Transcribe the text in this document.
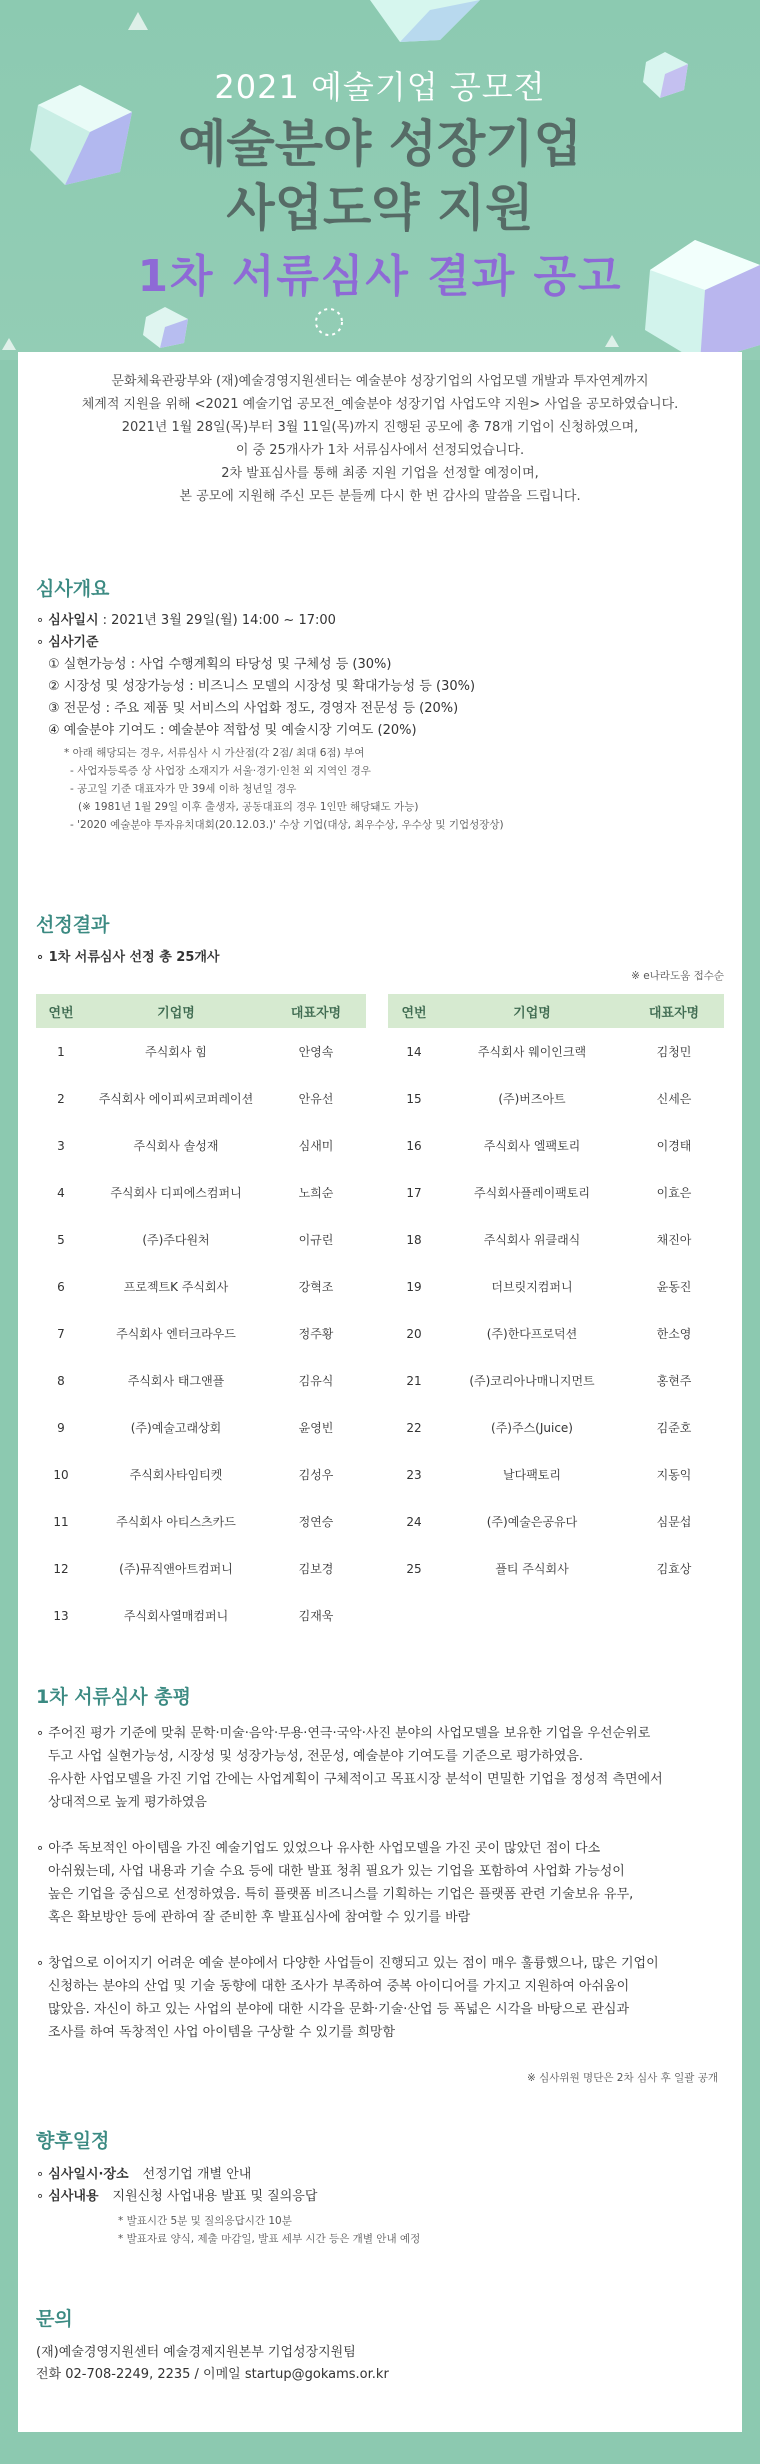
2021 예술기업 공모전
예술분야 성장기업
사업도약 지원
1차 서류심사 결과 공고
문화체육관광부와 (재)예술경영지원센터는 예술분야 성장기업의 사업모델 개발과 투자연계까지
체계적 지원을 위해 <2021 예술기업 공모전_예술분야 성장기업 사업도약 지원> 사업을 공모하였습니다.
2021년 1월 28일(목)부터 3월 11일(목)까지 진행된 공모에 총 78개 기업이 신청하였으며,
이 중 25개사가 1차 서류심사에서 선정되었습니다.
2차 발표심사를 통해 최종 지원 기업을 선정할 예정이며,
본 공모에 지원해 주신 모든 분들께 다시 한 번 감사의 말씀을 드립니다.
심사개요
∘ 심사일시 : 2021년 3월 29일(월) 14:00 ~ 17:00
∘ 심사기준
① 실현가능성 : 사업 수행계획의 타당성 및 구체성 등 (30%)
② 시장성 및 성장가능성 : 비즈니스 모델의 시장성 및 확대가능성 등 (30%)
③ 전문성 : 주요 제품 및 서비스의 사업화 정도, 경영자 전문성 등 (20%)
④ 예술분야 기여도 : 예술분야 적합성 및 예술시장 기여도 (20%)
* 아래 해당되는 경우, 서류심사 시 가산점(각 2점/ 최대 6점) 부여
- 사업자등록증 상 사업장 소재지가 서울·경기·인천 외 지역인 경우
- 공고일 기준 대표자가 만 39세 이하 청년일 경우
(※ 1981년 1월 29일 이후 출생자, 공동대표의 경우 1인만 해당돼도 가능)
- '2020 예술분야 투자유치대회(20.12.03.)' 수상 기업(대상, 최우수상, 우수상 및 기업성장상)
선정결과
∘ 1차 서류심사 선정 총 25개사
※ e나라도움 접수순
연번	기업명	대표자명
1	주식회사 힘	안영속
2	주식회사 에이피씨코퍼레이션	안유선
3	주식회사 솔성재	심새미
4	주식회사 디피에스컴퍼니	노희순
5	(주)주다원처	이규린
6	프로젝트K 주식회사	강혁조
7	주식회사 엔터크라우드	정주황
8	주식회사 태그앤플	김유식
9	(주)예술고래상회	윤영빈
10	주식회사타임티켓	김성우
11	주식회사 아티스츠카드	정연승
12	(주)뮤직앤아트컴퍼니	김보경
13	주식회사열매컴퍼니	김재욱
연번	기업명	대표자명
14	주식회사 웨이인크랙	김청민
15	(주)버즈아트	신세은
16	주식회사 엘팩토리	이경태
17	주식회사플레이팩토리	이효은
18	주식회사 위클래식	채진아
19	더브릿지컴퍼니	윤동진
20	(주)한다프로덕션	한소영
21	(주)코리아나매니지먼트	홍현주
22	(주)주스(Juice)	김준호
23	날다팩토리	지동익
24	(주)예술은공유다	심문섭
25	플티 주식회사	김효상
1차 서류심사 총평
∘ 주어진 평가 기준에 맞춰 문학·미술·음악·무용·연극·국악·사진 분야의 사업모델을 보유한 기업을 우선순위로
두고 사업 실현가능성, 시장성 및 성장가능성, 전문성, 예술분야 기여도를 기준으로 평가하였음.
유사한 사업모델을 가진 기업 간에는 사업계획이 구체적이고 목표시장 분석이 면밀한 기업을 정성적 측면에서
상대적으로 높게 평가하였음
∘ 아주 독보적인 아이템을 가진 예술기업도 있었으나 유사한 사업모델을 가진 곳이 많았던 점이 다소
아쉬웠는데, 사업 내용과 기술 수요 등에 대한 발표 청취 필요가 있는 기업을 포함하여 사업화 가능성이
높은 기업을 중심으로 선정하였음. 특히 플랫폼 비즈니스를 기획하는 기업은 플랫폼 관련 기술보유 유무,
혹은 확보방안 등에 관하여 잘 준비한 후 발표심사에 참여할 수 있기를 바람
∘ 창업으로 이어지기 어려운 예술 분야에서 다양한 사업들이 진행되고 있는 점이 매우 훌륭했으나, 많은 기업이
신청하는 분야의 산업 및 기술 동향에 대한 조사가 부족하여 중복 아이디어를 가지고 지원하여 아쉬움이
많았음. 자신이 하고 있는 사업의 분야에 대한 시각을 문화·기술·산업 등 폭넓은 시각을 바탕으로 관심과
조사를 하여 독창적인 사업 아이템을 구상할 수 있기를 희망함
※ 심사위원 명단은 2차 심사 후 일괄 공개
향후일정
∘ 심사일시·장소 선정기업 개별 안내
∘ 심사내용 지원신청 사업내용 발표 및 질의응답
* 발표시간 5분 및 질의응답시간 10분
* 발표자료 양식, 제출 마감일, 발표 세부 시간 등은 개별 안내 예정
문의
(재)예술경영지원센터 예술경제지원본부 기업성장지원팀
전화 02-708-2249, 2235 / 이메일 startup@gokams.or.kr
